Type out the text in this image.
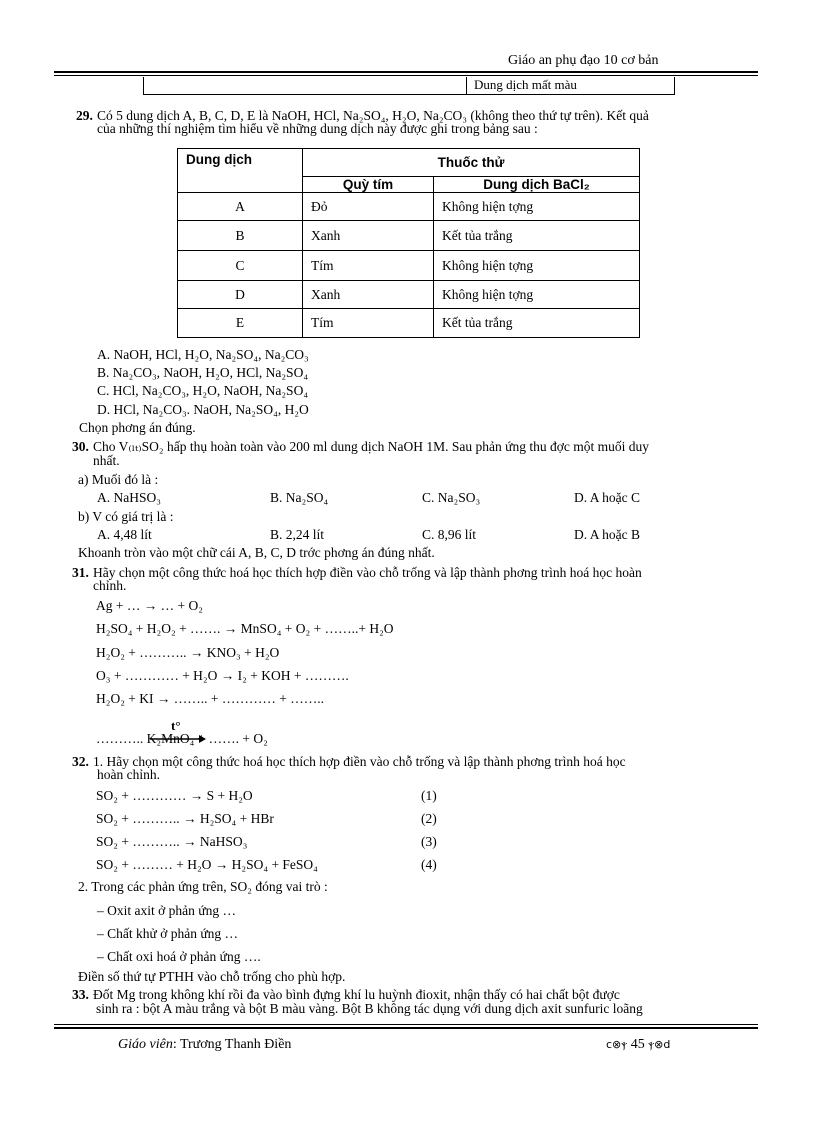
Giáo an phụ đạo 10 cơ bản
Dung dịch mất màu
29. Có 5 dung dịch A, B, C, D, E là NaOH, HCl, Na₂SO₄, H₂O, Na₂CO₃ (không theo thứ tự trên). Kết quả
của những thí nghiệm tìm hiểu về những dung dịch này được ghi trong bảng sau :
Dung dịch	Thuốc thử	
	Quỳ tím	Dung dịch BaCl₂
A	Đỏ	Không hiện tợng
B	Xanh	Kết tủa trắng
C	Tím	Không hiện tợng
D	Xanh	Không hiện tợng
E	Tím	Kết tủa trắng
A. NaOH, HCl, H₂O, Na₂SO₄, Na₂CO₃
B. Na₂CO₃, NaOH, H₂O, HCl, Na₂SO₄
C. HCl, Na₂CO₃, H₂O, NaOH, Na₂SO₄
D. HCl, Na₂CO₃. NaOH, Na₂SO₄, H₂O
Chọn phơng án đúng.
30. Cho V₍ₗₜ₎SO₂ hấp thụ hoàn toàn vào 200 ml dung dịch NaOH 1M. Sau phản ứng thu đợc một muối duy
nhất.
a) Muối đó là :
A. NaHSO₃	B. Na₂SO₄	C. Na₂SO₃	D. A hoặc C
b) V có giá trị là :
A. 4,48 lít	B. 2,24 lít	C. 8,96 lít	D. A hoặc B
Khoanh tròn vào một chữ cái A, B, C, D trớc phơng án đúng nhất.
31. Hãy chọn một công thức hoá học thích hợp điền vào chỗ trống và lập thành phơng trình hoá học hoàn
chỉnh.
Ag + … → … + O₂
H₂SO₄ + H₂O₂ + ……. → MnSO₄ + O₂ + ……..+ H₂O
H₂O₂ + ……….. → KNO₃ + H₂O
O₃ + ………… + H₂O → I₂ + KOH + ……….
H₂O₂ + KI → …….. + ………… + ……..
t°
……….. K₂MnO₄ + ……. + O₂
32. 1. Hãy chọn một công thức hoá học thích hợp điền vào chỗ trống và lập thành phơng trình hoá học
hoàn chỉnh.
SO₂ + ………… → S + H₂O	(1)
SO₂ + ……….. → H₂SO₄ + HBr	(2)
SO₂ + ……….. → NaHSO₃	(3)
SO₂ + ……… + H₂O → H₂SO₄ + FeSO₄	(4)
2. Trong các phản ứng trên, SO₂ đóng vai trò :
– Oxit axit ở phản ứng …
– Chất khử ở phản ứng …
– Chất oxi hoá ở phản ứng ….
Điền số thứ tự PTHH vào chỗ trống cho phù hợp.
33. Đốt Mg trong không khí rồi đa vào bình đựng khí lu huỳnh đioxit, nhận thấy có hai chất bột được
sinh ra : bột A màu trắng và bột B màu vàng. Bột B không tác dụng với dung dịch axit sunfuric loãng
Giáo viên: Trương Thanh Điền	ⅽ⊗ⲯ 45 ⲯ⊗ⅾ
